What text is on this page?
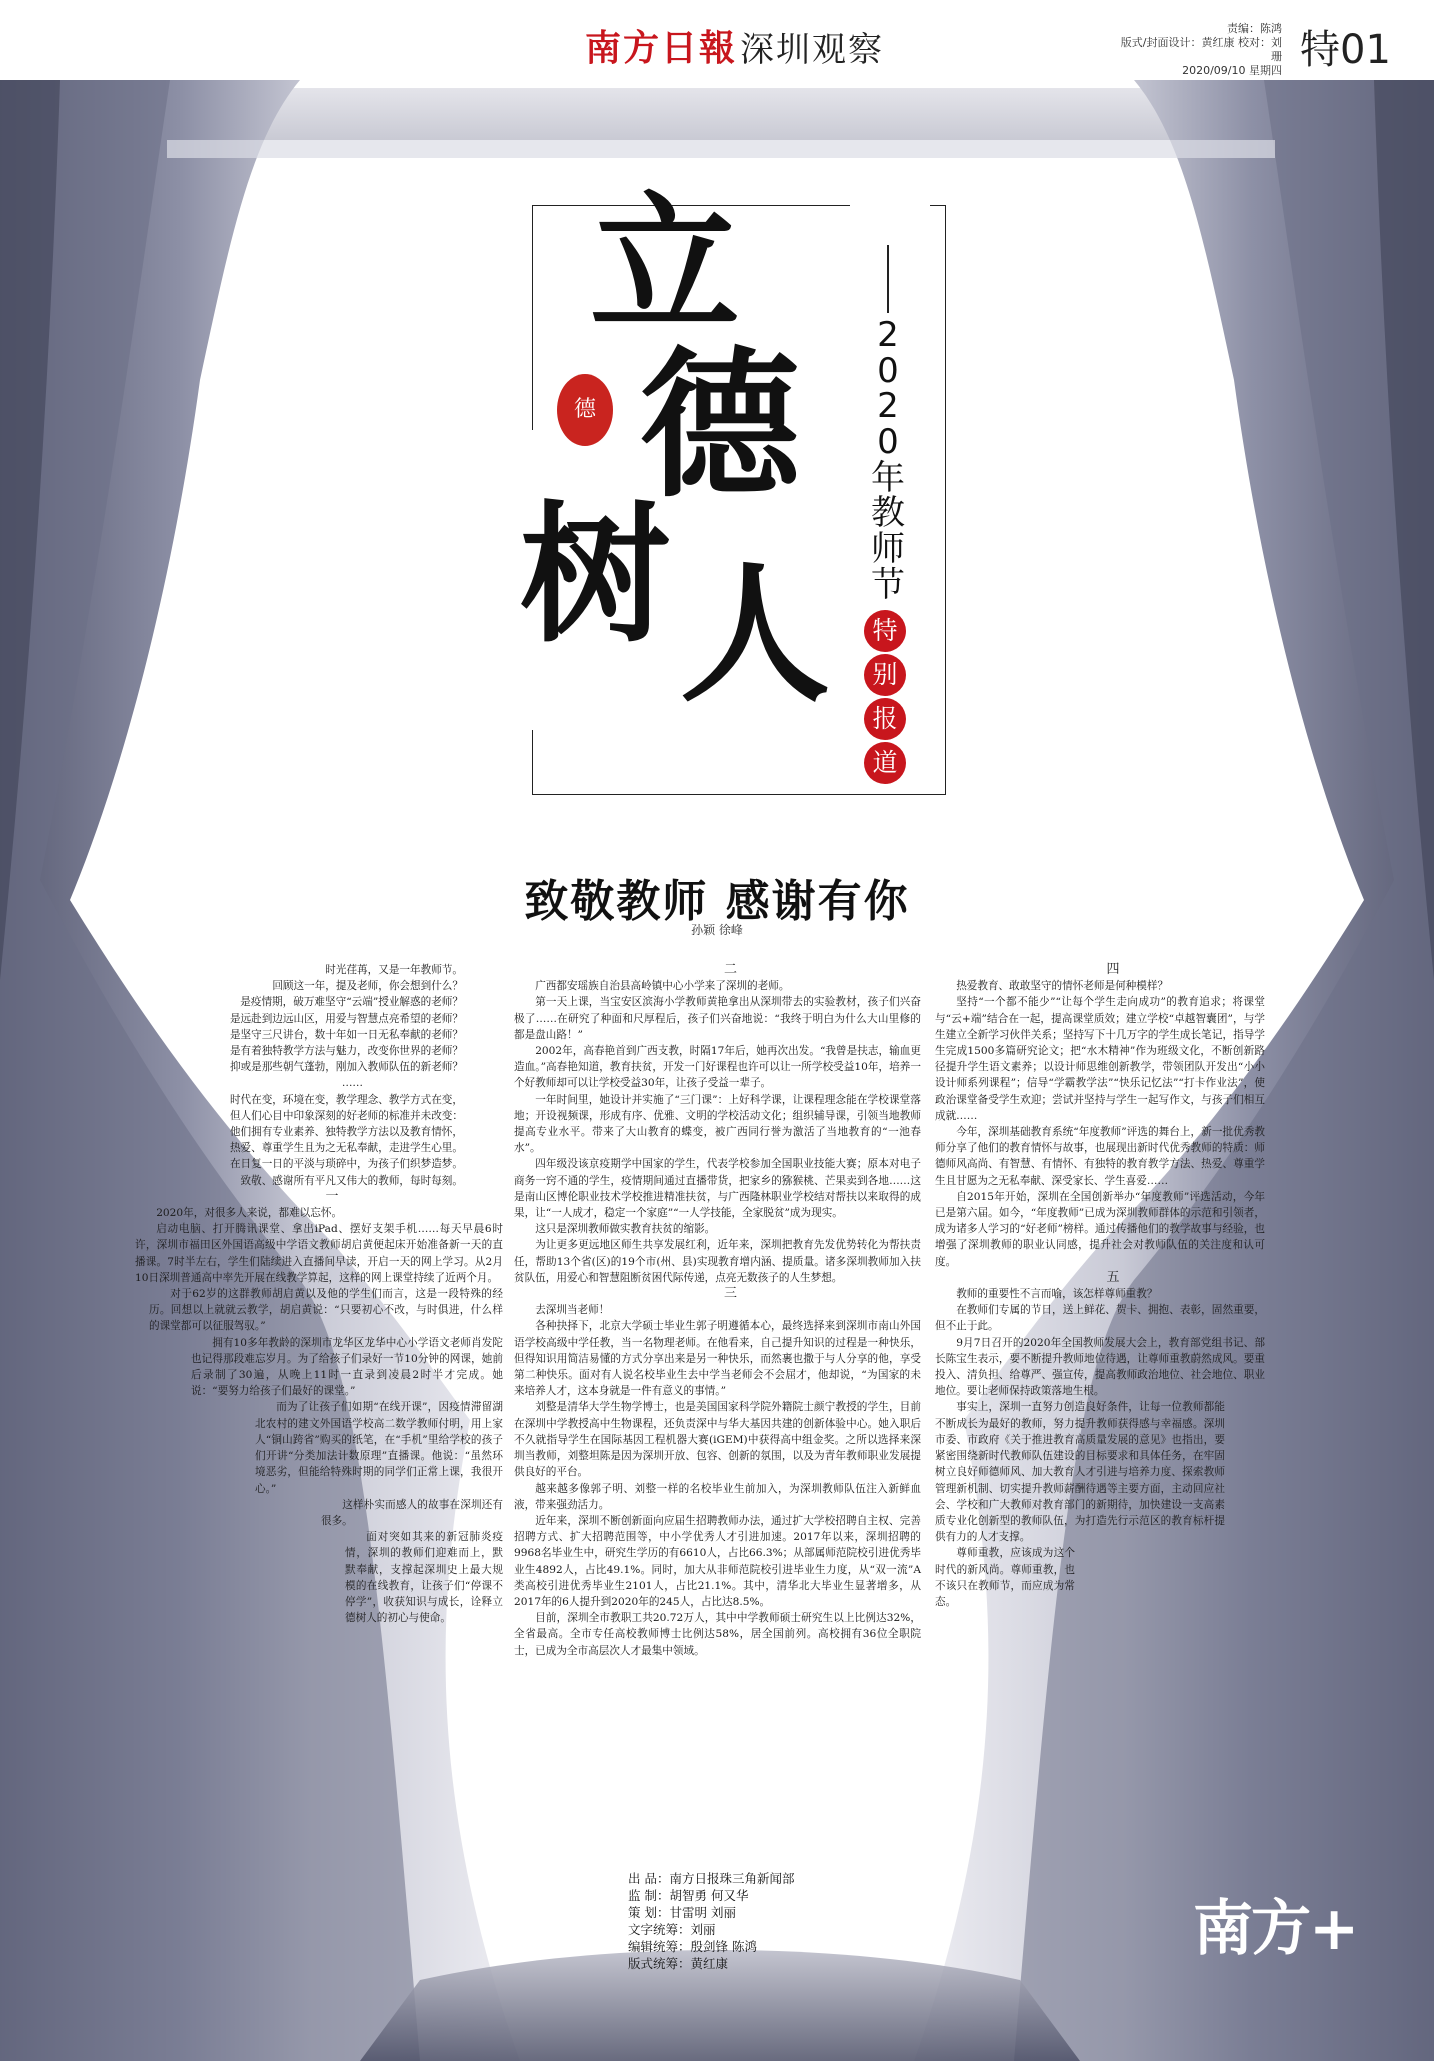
南方日報 深圳观察
责编：陈鸿
版式/封面设计：黄红康 校对：刘珊
2020/09/10 星期四 特01
立
德
树 人
德
2020年教师节
特
别
报
道
致敬教师 感谢有你
孙颖 徐峰

时光荏苒，又是一年教师节。

回顾这一年，提及老师，你会想到什么？

是疫情期，破万难坚守“云端”授业解惑的老师？

是远赴到边远山区，用爱与智慧点亮希望的老师？

是坚守三尺讲台，数十年如一日无私奉献的老师？

是有着独特教学方法与魅力，改变你世界的老师？

抑或是那些朝气蓬勃，刚加入教师队伍的新老师？

……

时代在变，环境在变，教学理念、教学方式在变，

但人们心目中印象深刻的好老师的标准并未改变：

他们拥有专业素养、独特教学方法以及教育情怀，

热爱、尊重学生且为之无私奉献，走进学生心里。

在日复一日的平淡与琐碎中，为孩子们织梦造梦。

致敬、感谢所有平凡又伟大的教师，每时每刻。

一

2020年，对很多人来说，都难以忘怀。

启动电脑、打开腾讯课堂、拿出iPad、摆好支架手机……每天早晨6时许，深圳市福田区外国语高级中学语文教师胡启黄便起床开始准备新一天的直播课。7时半左右，学生们陆续进入直播间早读，开启一天的网上学习。从2月10日深圳普通高中率先开展在线教学算起，这样的网上课堂持续了近两个月。

对于62岁的这群教师胡启黄以及他的学生们而言，这是一段特殊的经历。回想以上就就云教学，胡启黄说：“只要初心不改，与时俱进，什么样的课堂都可以征服驾驭。”

拥有10多年教龄的深圳市龙华区龙华中心小学语文老师肖发陀也记得那段难忘岁月。为了给孩子们录好一节10分钟的网课，她前后录制了30遍，从晚上11时一直录到凌晨2时半才完成。她说：“要努力给孩子们最好的课堂。”

而为了让孩子们如期“在线开课”，因疫情滞留湖北农村的建文外国语学校高二数学教师付明，用上家人“铜山跨省”购买的纸笔，在“手机”里给学校的孩子们开讲“分类加法计数原理”直播课。他说：“虽然环境恶劣，但能给特殊时期的同学们正常上课，我很开心。”

这样朴实而感人的故事在深圳还有很多。

面对突如其来的新冠肺炎疫情，深圳的教师们迎难而上，默默奉献，支撑起深圳史上最大规模的在线教育，让孩子们“停课不停学”，收获知识与成长，诠释立德树人的初心与使命。

二

广西都安瑶族自治县高岭镇中心小学来了深圳的老师。

第一天上课，当宝安区滨海小学教师黄艳拿出从深圳带去的实验教材，孩子们兴奋极了……在研究了种面和尺厚程后，孩子们兴奋地说：“我终于明白为什么大山里修的都是盘山路！”

2002年，高春艳首到广西支教，时隔17年后，她再次出发。“我曾是扶志，输血更造血。”高春艳知道，教育扶贫，开发一门好课程也许可以让一所学校受益10年，培养一个好教师却可以让学校受益30年，让孩子受益一辈子。

一年时间里，她设计并实施了“三门课”：上好科学课，让课程理念能在学校课堂落地；开设视频课，形成有序、优雅、文明的学校活动文化；组织辅导课，引领当地教师提高专业水平。带来了大山教育的蝶变，被广西同行誉为激活了当地教育的“一池春水”。

四年级没该京疫期学中国家的学生，代表学校参加全国职业技能大赛；原本对电子商务一窍不通的学生，疫情期间通过直播带货，把家乡的猕猴桃、芒果卖到各地……这是南山区博伦职业技术学校推进精准扶贫，与广西隆林职业学校结对帮扶以来取得的成果，让“一人成才，稳定一个家庭”“一人学技能，全家脱贫”成为现实。

这只是深圳教师做实教育扶贫的缩影。

为让更多更远地区师生共享发展红利，近年来，深圳把教育先发优势转化为帮扶责任，帮助13个省(区)的19个市(州、县)实现教育增内涵、提质量。诸多深圳教师加入扶贫队伍，用爱心和智慧阻断贫困代际传递，点亮无数孩子的人生梦想。

三

去深圳当老师！

各种抉择下，北京大学硕士毕业生郭子明遵循本心，最终选择来到深圳市南山外国语学校高级中学任教，当一名物理老师。在他看来，自己提升知识的过程是一种快乐，但得知识用简洁易懂的方式分享出来是另一种快乐，而然裹也撒于与人分享的他，享受第二种快乐。面对有人说名校毕业生去中学当老师会不会屈才，他却说，“为国家的未来培养人才，这本身就是一件有意义的事情。”

刘整是清华大学生物学博士，也是美国国家科学院外籍院士颜宁教授的学生，目前在深圳中学教授高中生物课程，还负责深中与华大基因共建的创新体验中心。她入职后不久就指导学生在国际基因工程机器大赛(iGEM)中获得高中组金奖。之所以选择来深圳当教师，刘整坦陈是因为深圳开放、包容、创新的氛围，以及为青年教师职业发展提供良好的平台。

越来越多像郭子明、刘整一样的名校毕业生前加入，为深圳教师队伍注入新鲜血液，带来强劲活力。

近年来，深圳不断创新面向应届生招聘教师办法，通过扩大学校招聘自主权、完善招聘方式、扩大招聘范围等，中小学优秀人才引进加速。2017年以来，深圳招聘的9968名毕业生中，研究生学历的有6610人，占比66.3%；从部属师范院校引进优秀毕业生4892人，占比49.1%。同时，加大从非师范院校引进毕业生力度，从“双一流”A类高校引进优秀毕业生2101人，占比21.1%。其中，清华北大毕业生显著增多，从2017年的6人提升到2020年的245人，占比达8.5%。

目前，深圳全市教职工共20.72万人，其中中学教师硕士研究生以上比例达32%，全省最高。全市专任高校教师博士比例达58%，居全国前列。高校拥有36位全职院士，已成为全市高层次人才最集中领域。

四

热爱教育、敢敢坚守的情怀老师是何种模样？

坚持“一个都不能少”“让每个学生走向成功”的教育追求；将课堂与“云+端”结合在一起，提高课堂质效；建立学校“卓越智囊团”，与学生建立全新学习伙伴关系；坚持写下十几万字的学生成长笔记，指导学生完成1500多篇研究论文；把“水木精神”作为班级文化，不断创新路径提升学生语文素养；以设计师思维创新教学，带领团队开发出“小小设计师系列课程”；信导“学霸教学法”“快乐记忆法”“打卡作业法”，使政治课堂备受学生欢迎；尝试并坚持与学生一起写作文，与孩子们相互成就……

今年，深圳基础教育系统“年度教师”评选的舞台上，新一批优秀教师分享了他们的教育情怀与故事，也展现出新时代优秀教师的特质：师德师风高尚、有智慧、有情怀、有独特的教育教学方法、热爱、尊重学生且甘愿为之无私奉献、深受家长、学生喜爱……

自2015年开始，深圳在全国创新举办“年度教师”评选活动，今年已是第六届。如今，“年度教师”已成为深圳教师群体的示范和引领者，成为诸多人学习的“好老师”榜样。通过传播他们的教学故事与经验，也增强了深圳教师的职业认同感，提升社会对教师队伍的关注度和认可度。

五

教师的重要性不言而喻，该怎样尊师重教？

在教师们专属的节日，送上鲜花、贺卡、拥抱、表彰，固然重要，但不止于此。

9月7日召开的2020年全国教师发展大会上，教育部党组书记、部长陈宝生表示，要不断提升教师地位待遇，让尊师重教蔚然成风。要重投入、清负担、给尊严、强宣传，提高教师政治地位、社会地位、职业地位。要让老师保持政策落地生根。

事实上，深圳一直努力创造良好条件，让每一位教师都能不断成长为最好的教师，努力提升教师获得感与幸福感。深圳市委、市政府《关于推进教育高质量发展的意见》也指出，要紧密围绕新时代教师队伍建设的目标要求和具体任务，在牢固树立良好师德师风、加大教育人才引进与培养力度、探索教师管理新机制、切实提升教师薪酬待遇等主要方面，主动回应社会、学校和广大教师对教育部门的新期待，加快建设一支高素质专业化创新型的教师队伍，为打造先行示范区的教育标杆提供有力的人才支撑。

尊师重教，应该成为这个时代的新风尚。尊师重教，也不该只在教师节，而应成为常态。

出 品：南方日报珠三角新闻部
监 制：胡智勇 何又华
策 划：甘雷明 刘丽
文字统筹：刘丽
编辑统筹：殷剑锋 陈鸿
版式统筹：黄红康	南方+
